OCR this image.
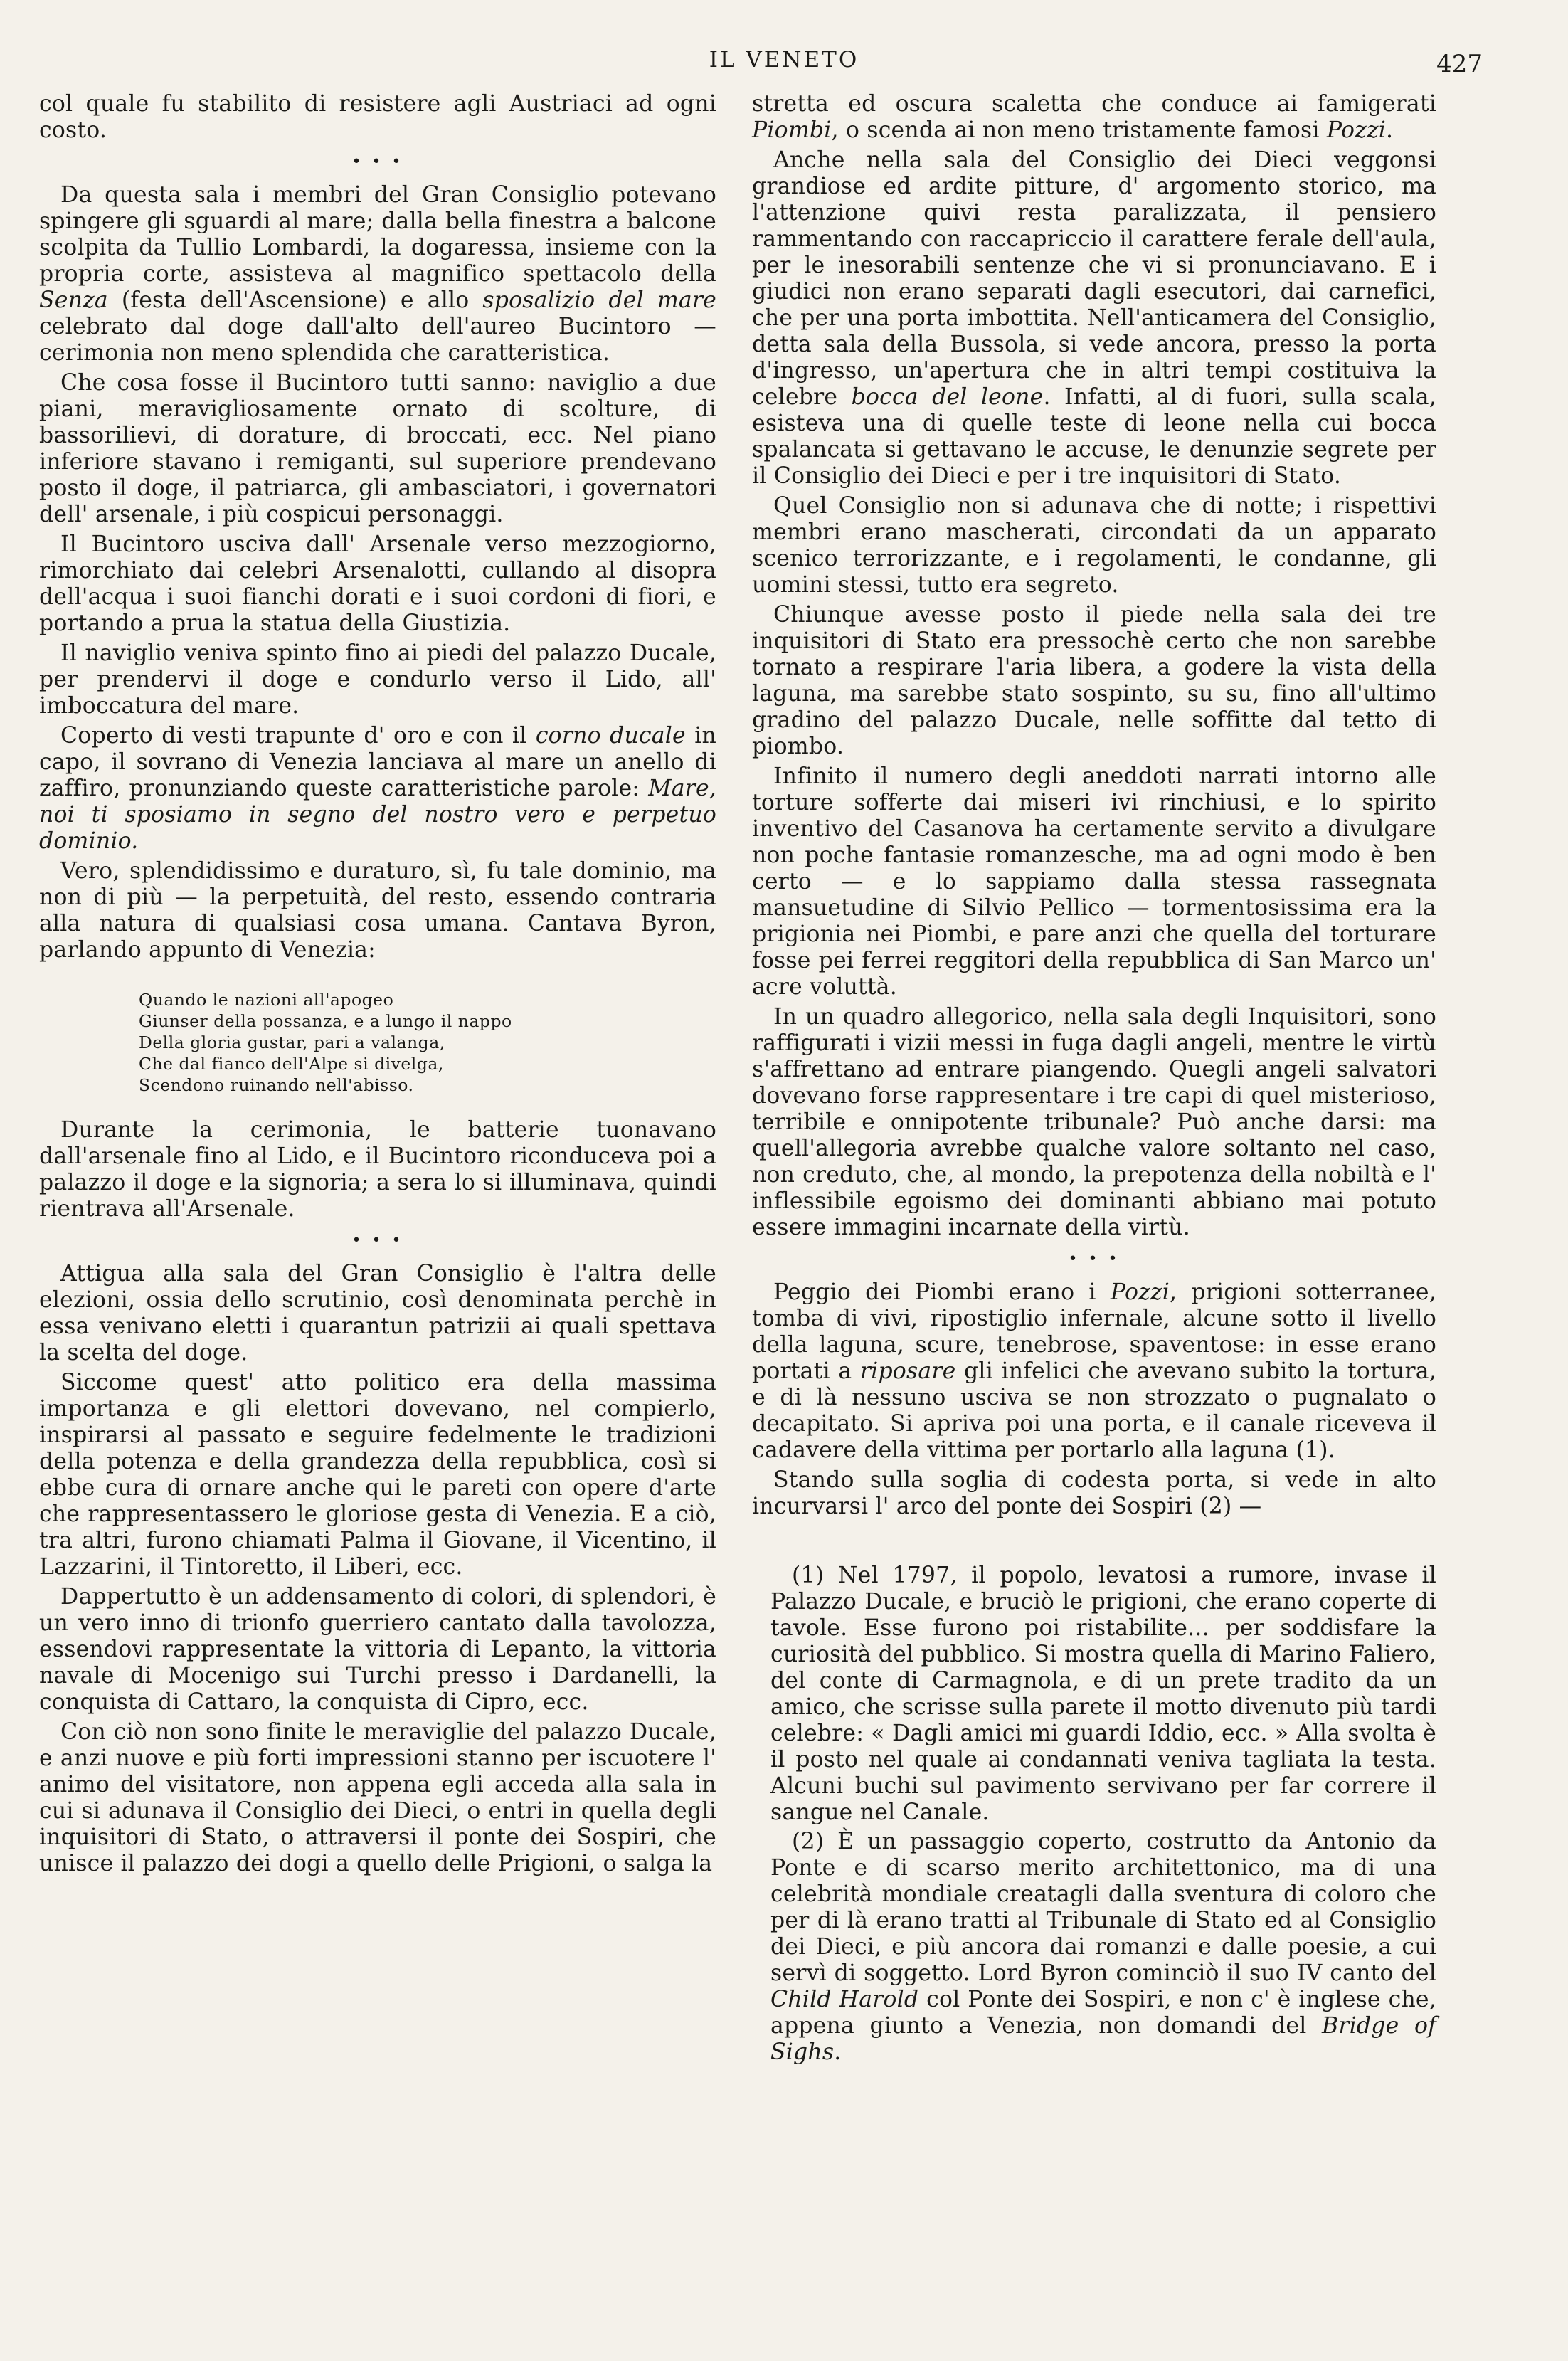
IL VENETO	427

col quale fu stabilito di resistere agli Austriaci ad ogni costo.

• • •

Da questa sala i membri del Gran Consiglio potevano spingere gli sguardi al mare; dalla bella finestra a balcone scolpita da Tullio Lombardi, la dogaressa, insieme con la propria corte, assisteva al magnifico spettacolo della Senza (festa dell'Ascensione) e allo sposalizio del mare celebrato dal doge dall'alto dell'aureo Bucintoro — cerimonia non meno splendida che caratteristica.

Che cosa fosse il Bucintoro tutti sanno: naviglio a due piani, meravigliosamente ornato di scolture, di bassorilievi, di dorature, di broccati, ecc. Nel piano inferiore stavano i remiganti, sul superiore prendevano posto il doge, il patriarca, gli ambasciatori, i governatori dell' arsenale, i più cospicui personaggi.

Il Bucintoro usciva dall' Arsenale verso mezzogiorno, rimorchiato dai celebri Arsenalotti, cullando al disopra dell'acqua i suoi fianchi dorati e i suoi cordoni di fiori, e portando a prua la statua della Giustizia.

Il naviglio veniva spinto fino ai piedi del palazzo Ducale, per prendervi il doge e condurlo verso il Lido, all' imboccatura del mare.

Coperto di vesti trapunte d' oro e con il corno ducale in capo, il sovrano di Venezia lanciava al mare un anello di zaffiro, pronunziando queste caratteristiche parole: Mare, noi ti sposiamo in segno del nostro vero e perpetuo dominio.

Vero, splendidissimo e duraturo, sì, fu tale dominio, ma non di più — la perpetuità, del resto, essendo contraria alla natura di qualsiasi cosa umana. Cantava Byron, parlando appunto di Venezia:

Quando le nazioni all'apogeo
Giunser della possanza, e a lungo il nappo
Della gloria gustar, pari a valanga,
Che dal fianco dell'Alpe si divelga,
Scendono ruinando nell'abisso.

Durante la cerimonia, le batterie tuonavano dall'arsenale fino al Lido, e il Bucintoro riconduceva poi a palazzo il doge e la signoria; a sera lo si illuminava, quindi rientrava all'Arsenale.

• • •

Attigua alla sala del Gran Consiglio è l'altra delle elezioni, ossia dello scrutinio, così denominata perchè in essa venivano eletti i quarantun patrizii ai quali spettava la scelta del doge.

Siccome quest' atto politico era della massima importanza e gli elettori dovevano, nel compierlo, inspirarsi al passato e seguire fedelmente le tradizioni della potenza e della grandezza della repubblica, così si ebbe cura di ornare anche qui le pareti con opere d'arte che rappresentassero le gloriose gesta di Venezia. E a ciò, tra altri, furono chiamati Palma il Giovane, il Vicentino, il Lazzarini, il Tintoretto, il Liberi, ecc.

Dappertutto è un addensamento di colori, di splendori, è un vero inno di trionfo guerriero cantato dalla tavolozza, essendovi rappresentate la vittoria di Lepanto, la vittoria navale di Mocenigo sui Turchi presso i Dardanelli, la conquista di Cattaro, la conquista di Cipro, ecc.

Con ciò non sono finite le meraviglie del palazzo Ducale, e anzi nuove e più forti impressioni stanno per iscuotere l' animo del visitatore, non appena egli acceda alla sala in cui si adunava il Consiglio dei Dieci, o entri in quella degli inquisitori di Stato, o attraversi il ponte dei Sospiri, che unisce il palazzo dei dogi a quello delle Prigioni, o salga la

stretta ed oscura scaletta che conduce ai famigerati Piombi, o scenda ai non meno tristamente famosi Pozzi.

Anche nella sala del Consiglio dei Dieci veggonsi grandiose ed ardite pitture, d' argomento storico, ma l'attenzione quivi resta paralizzata, il pensiero rammentando con raccapriccio il carattere ferale dell'aula, per le inesorabili sentenze che vi si pronunciavano. E i giudici non erano separati dagli esecutori, dai carnefici, che per una porta imbottita. Nell'anticamera del Consiglio, detta sala della Bussola, si vede ancora, presso la porta d'ingresso, un'apertura che in altri tempi costituiva la celebre bocca del leone. Infatti, al di fuori, sulla scala, esisteva una di quelle teste di leone nella cui bocca spalancata si gettavano le accuse, le denunzie segrete per il Consiglio dei Dieci e per i tre inquisitori di Stato.

Quel Consiglio non si adunava che di notte; i rispettivi membri erano mascherati, circondati da un apparato scenico terrorizzante, e i regolamenti, le condanne, gli uomini stessi, tutto era segreto.

Chiunque avesse posto il piede nella sala dei tre inquisitori di Stato era pressochè certo che non sarebbe tornato a respirare l'aria libera, a godere la vista della laguna, ma sarebbe stato sospinto, su su, fino all'ultimo gradino del palazzo Ducale, nelle soffitte dal tetto di piombo.

Infinito il numero degli aneddoti narrati intorno alle torture sofferte dai miseri ivi rinchiusi, e lo spirito inventivo del Casanova ha certamente servito a divulgare non poche fantasie romanzesche, ma ad ogni modo è ben certo — e lo sappiamo dalla stessa rassegnata mansuetudine di Silvio Pellico — tormentosissima era la prigionia nei Piombi, e pare anzi che quella del torturare fosse pei ferrei reggitori della repubblica di San Marco un' acre voluttà.

In un quadro allegorico, nella sala degli Inquisitori, sono raffigurati i vizii messi in fuga dagli angeli, mentre le virtù s'affrettano ad entrare piangendo. Quegli angeli salvatori dovevano forse rappresentare i tre capi di quel misterioso, terribile e onnipotente tribunale? Può anche darsi: ma quell'allegoria avrebbe qualche valore soltanto nel caso, non creduto, che, al mondo, la prepotenza della nobiltà e l' inflessibile egoismo dei dominanti abbiano mai potuto essere immagini incarnate della virtù.

• • •

Peggio dei Piombi erano i Pozzi, prigioni sotterranee, tomba di vivi, ripostiglio infernale, alcune sotto il livello della laguna, scure, tenebrose, spaventose: in esse erano portati a riposare gli infelici che avevano subito la tortura, e di là nessuno usciva se non strozzato o pugnalato o decapitato. Si apriva poi una porta, e il canale riceveva il cadavere della vittima per portarlo alla laguna (1).

Stando sulla soglia di codesta porta, si vede in alto incurvarsi l' arco del ponte dei Sospiri (2) —

(1) Nel 1797, il popolo, levatosi a rumore, invase il Palazzo Ducale, e bruciò le prigioni, che erano coperte di tavole. Esse furono poi ristabilite... per soddisfare la curiosità del pubblico. Si mostra quella di Marino Faliero, del conte di Carmagnola, e di un prete tradito da un amico, che scrisse sulla parete il motto divenuto più tardi celebre: « Dagli amici mi guardi Iddio, ecc. » Alla svolta è il posto nel quale ai condannati veniva tagliata la testa. Alcuni buchi sul pavimento servivano per far correre il sangue nel Canale.

(2) È un passaggio coperto, costrutto da Antonio da Ponte e di scarso merito architettonico, ma di una celebrità mondiale creatagli dalla sventura di coloro che per di là erano tratti al Tribunale di Stato ed al Consiglio dei Dieci, e più ancora dai romanzi e dalle poesie, a cui servì di soggetto. Lord Byron cominciò il suo IV canto del Child Harold col Ponte dei Sospiri, e non c' è inglese che, appena giunto a Venezia, non domandi del Bridge of Sighs.
